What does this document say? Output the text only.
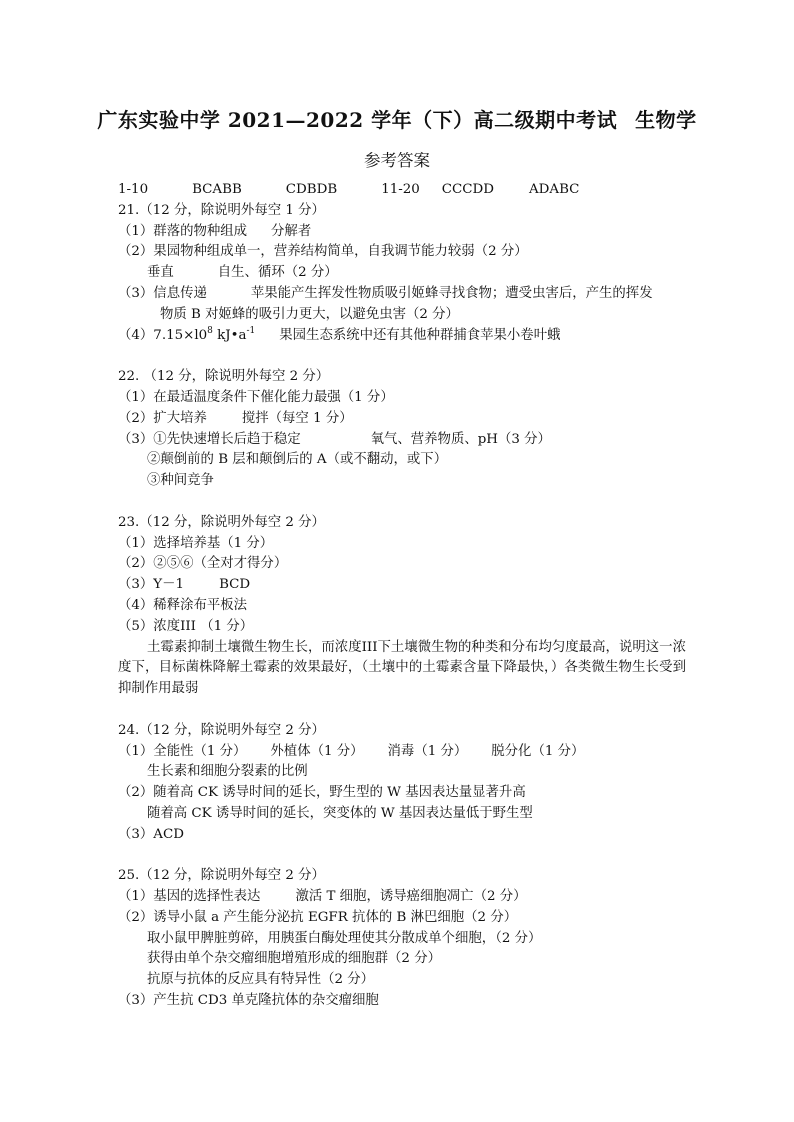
广东实验中学 2021—2022 学年（下）高二级期中考试 生物学
参考答案
1-10	BCABB	CDBDB	11-20 CCCDD	ADABC
21.（12 分，除说明外每空 1 分）
（1）群落的物种组成 分解者
（2）果园物种组成单一，营养结构简单，自我调节能力较弱（2 分）
垂直	自生、循环（2 分）
（3）信息传递	苹果能产生挥发性物质吸引姬蜂寻找食物；遭受虫害后，产生的挥发
物质 B 对姬蜂的吸引力更大，以避免虫害（2 分）
$(4)7.15\times l0^8$ $kJ•a^{-1}$ 果园生态系统中还有其他种群捕食苹果小卷叶蛾
22. （12 分，除说明外每空 2 分）
（1）在最适温度条件下催化能力最强（1 分）
（2）扩大培养	搅拌（每空 1 分）
（3）①先快速增长后趋于稳定	氧气、营养物质、pH（3 分）
②颠倒前的 B 层和颠倒后的 A（或不翻动，或下）
③种间竞争
23.（12 分，除说明外每空 2 分）
（1）选择培养基（1 分）
（2）②⑤⑥（全对才得分）
（3）Y－1	BCD
（4）稀释涂布平板法
（5）浓度III （1 分）
土霉素抑制土壤微生物生长，而浓度III下土壤微生物的种类和分布均匀度最高，说明这一浓度下，目标菌株降解土霉素的效果最好，（土壤中的土霉素含量下降最快，）各类微生物生长受到抑制作用最弱
24.（12 分，除说明外每空 2 分）
（1）全能性（1 分） 外植体（1 分） 消毒（1 分） 脱分化（1 分）
生长素和细胞分裂素的比例
（2）随着高 CK 诱导时间的延长，野生型的 W 基因表达量显著升高
随着高 CK 诱导时间的延长，突变体的 W 基因表达量低于野生型
（3）ACD
25.（12 分，除说明外每空 2 分）
（1）基因的选择性表达	激活 T 细胞，诱导癌细胞凋亡（2 分）
（2）诱导小鼠 a 产生能分泌抗 EGFR 抗体的 B 淋巴细胞（2 分）
取小鼠甲脾脏剪碎，用胰蛋白酶处理使其分散成单个细胞，（2 分）
获得由单个杂交瘤细胞增殖形成的细胞群（2 分）
抗原与抗体的反应具有特异性（2 分）
（3）产生抗 CD3 单克隆抗体的杂交瘤细胞
